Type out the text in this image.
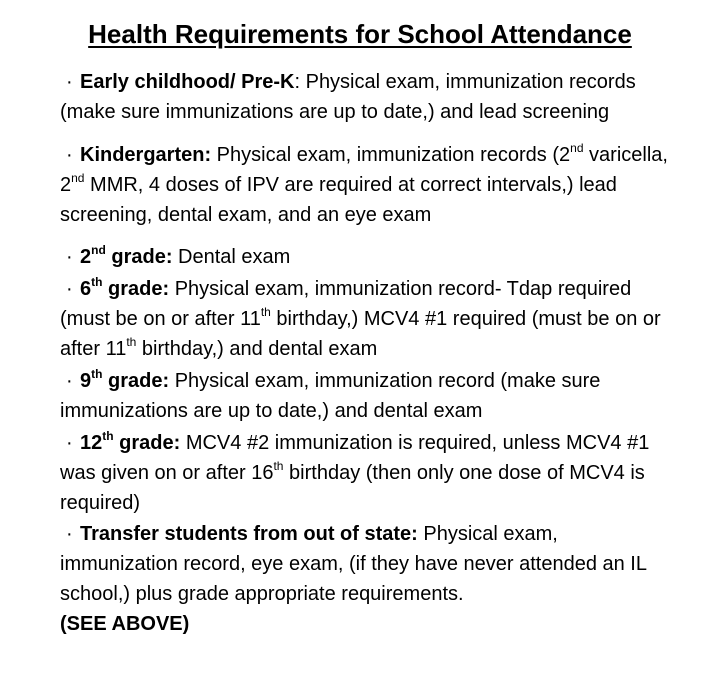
Health Requirements for School Attendance

· Early childhood/ Pre-K: Physical exam, immunization records (make sure immunizations are up to date,) and lead screening

· Kindergarten: Physical exam, immunization records (2nd varicella, 2nd MMR, 4 doses of IPV are required at correct intervals,) lead screening, dental exam, and an eye exam

· 2nd grade: Dental exam

· 6th grade: Physical exam, immunization record- Tdap required (must be on or after 11th birthday,) MCV4 #1 required (must be on or after 11th birthday,) and dental exam

· 9th grade: Physical exam, immunization record (make sure immunizations are up to date,) and dental exam

· 12th grade: MCV4 #2 immunization is required, unless MCV4 #1 was given on or after 16th birthday (then only one dose of MCV4 is required)

· Transfer students from out of state: Physical exam, immunization record, eye exam, (if they have never attended an IL school,) plus grade appropriate requirements.

(SEE ABOVE)
